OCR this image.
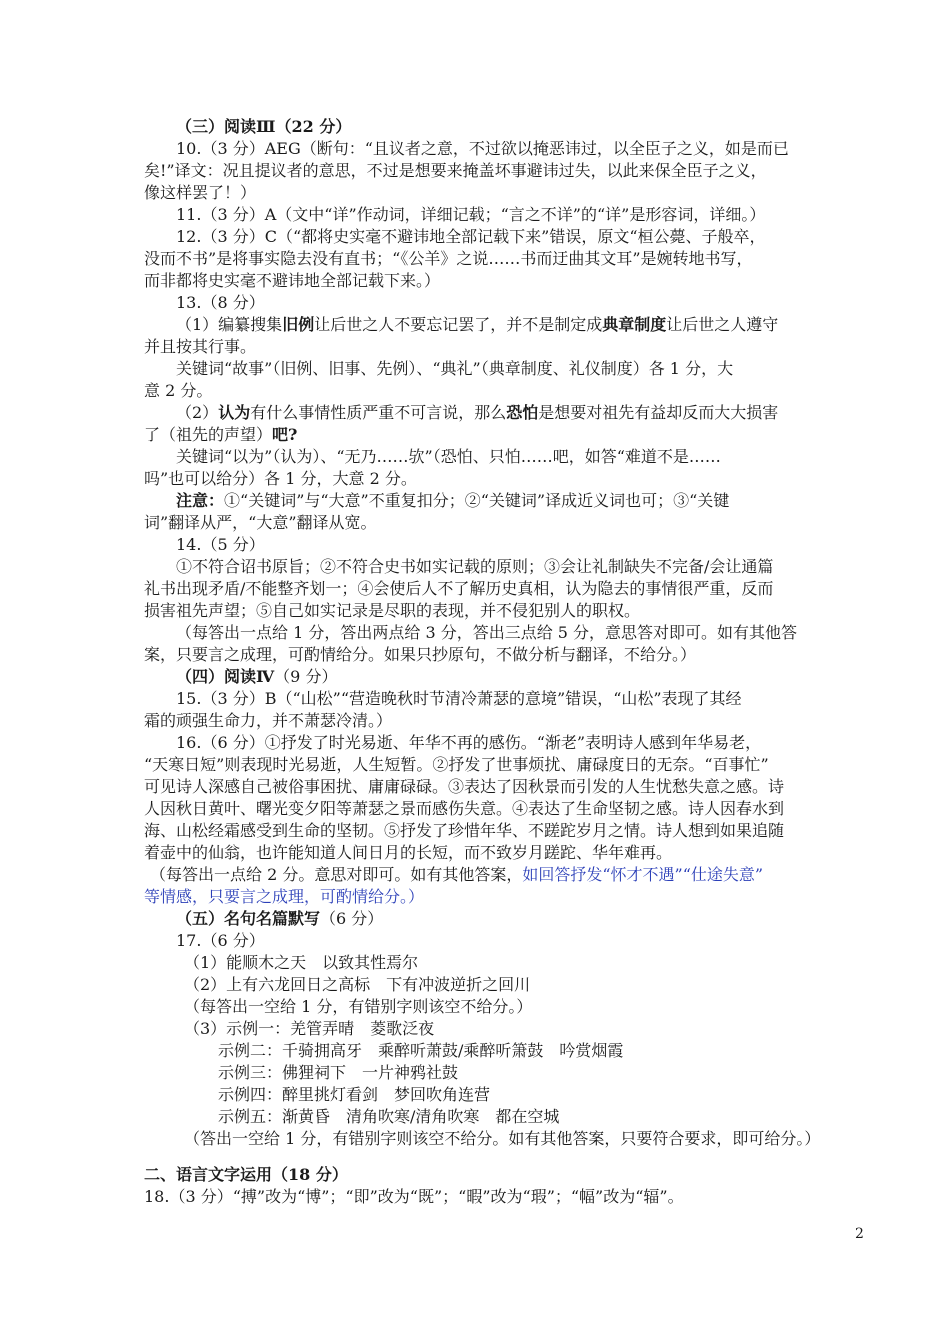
（三）阅读Ⅲ（22 分）
10.（3 分）AEG（断句：“且议者之意，不过欲以掩恶讳过，以全臣子之义，如是而已
矣!”译文：况且提议者的意思，不过是想要来掩盖坏事避讳过失，以此来保全臣子之义，
像这样罢了！）
11.（3 分）A（文中“详”作动词，详细记载；“言之不详”的“详”是形容词，详细。）
12.（3 分）C（“都将史实毫不避讳地全部记载下来”错误，原文“桓公薨、子般卒，
没而不书”是将事实隐去没有直书；“《公羊》之说……书而迂曲其文耳”是婉转地书写，
而非都将史实毫不避讳地全部记载下来。）
13.（8 分）
（1）编纂搜集旧例让后世之人不要忘记罢了，并不是制定成典章制度让后世之人遵守
并且按其行事。
关键词“故事”（旧例、旧事、先例）、“典礼”（典章制度、礼仪制度）各 1 分，大
意 2 分。
（2）认为有什么事情性质严重不可言说，那么恐怕是想要对祖先有益却反而大大损害
了（祖先的声望）吧?
关键词“以为”（认为）、“无乃……欤”（恐怕、只怕……吧，如答“难道不是……
吗”也可以给分）各 1 分，大意 2 分。
注意：①“关键词”与“大意”不重复扣分；②“关键词”译成近义词也可；③“关键
词”翻译从严，“大意”翻译从宽。
14.（5 分）
①不符合诏书原旨；②不符合史书如实记载的原则；③会让礼制缺失不完备/会让通篇
礼书出现矛盾/不能整齐划一；④会使后人不了解历史真相，认为隐去的事情很严重，反而
损害祖先声望；⑤自己如实记录是尽职的表现，并不侵犯别人的职权。
（每答出一点给 1 分，答出两点给 3 分，答出三点给 5 分，意思答对即可。如有其他答
案，只要言之成理，可酌情给分。如果只抄原句，不做分析与翻译，不给分。）
（四）阅读Ⅳ（9 分）
15.（3 分）B（“山松”“营造晚秋时节清冷萧瑟的意境”错误，“山松”表现了其经
霜的顽强生命力，并不萧瑟冷清。）
16.（6 分）①抒发了时光易逝、年华不再的感伤。“渐老”表明诗人感到年华易老，
“天寒日短”则表现时光易逝，人生短暂。②抒发了世事烦扰、庸碌度日的无奈。“百事忙”
可见诗人深感自己被俗事困扰、庸庸碌碌。③表达了因秋景而引发的人生忧愁失意之感。诗
人因秋日黄叶、曙光变夕阳等萧瑟之景而感伤失意。④表达了生命坚韧之感。诗人因春水到
海、山松经霜感受到生命的坚韧。⑤抒发了珍惜年华、不蹉跎岁月之情。诗人想到如果追随
着壶中的仙翁，也许能知道人间日月的长短，而不致岁月蹉跎、华年难再。
（每答出一点给 2 分。意思对即可。如有其他答案，如回答抒发“怀才不遇”“仕途失意”
等情感，只要言之成理，可酌情给分。）
（五）名句名篇默写（6 分）
17.（6 分）
（1）能顺木之天　以致其性焉尔
（2）上有六龙回日之高标　下有冲波逆折之回川
（每答出一空给 1 分，有错别字则该空不给分。）
（3）示例一：羌管弄晴　菱歌泛夜
示例二：千骑拥高牙　乘醉听萧鼓/乘醉听箫鼓　吟赏烟霞
示例三：佛狸祠下　一片神鸦社鼓
示例四：醉里挑灯看剑　梦回吹角连营
示例五：渐黄昏　清角吹寒/清角吹寒　都在空城
（答出一空给 1 分，有错别字则该空不给分。如有其他答案，只要符合要求，即可给分。）
二、语言文字运用（18 分）
18.（3 分）“搏”改为“博”；“即”改为“既”；“暇”改为“瑕”；“幅”改为“辐”。
2
